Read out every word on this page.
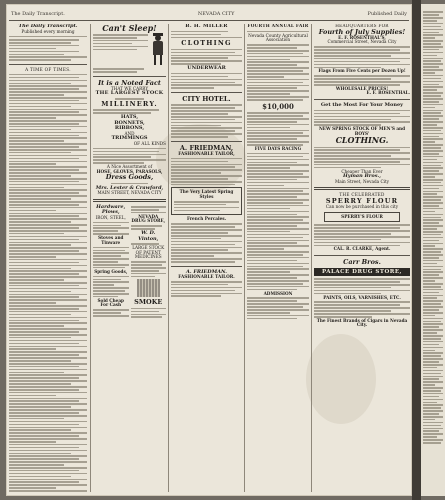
The Daily Transcript.	NEVADA CITY	Published Daily
The Daily Transcript.
Published every morning
A TIME OF TIMES.
Can't Sleep!
It is a Noted Fact
THAT WE CARRY
THE LARGEST STOCK
MILLINERY.
HATS,
BONNETS,
RIBBONS,
AND
TRIMMINGS
OF ALL KINDS
A Nice Assortment of
HOSE, GLOVES, PARASOLS,
Dress Goods,
Mrs. Lester & Crawford,
MAIN STREET, NEVADA CITY
Hardware, Plows,
IRON, STEEL,
Stoves and Tinware
Spring Goods,
Sold Cheap For Cash
NEVADA DRUG STORE,
W. D. Vinton,
LARGE STOCK OF PATENT MEDICINES
SMOKE
B. H. MILLER
CLOTHING
UNDERWEAR
CITY HOTEL.
A. FRIEDMAN,
FASHIONABLE TAILOR,
The Very Latest Spring Styles
French Percales.
A. FRIEDMAN.
FASHIONABLE TAILOR.
FOURTH ANNUAL FAIR
Nevada County Agricultural Association
$10,000
FIVE DAYS RACING
ADMISSION
HEADQUARTERS FOR
Fourth of July Supplies!
E. F. ROSENTHAL'S,
Commercial Street, Nevada City
Flags From Five Cents per Dozen Up!
WHOLESALE PRICES!
E. F. ROSENTHAL.
Get the Most For Your Money
NEW SPRING STOCK OF MEN'S and BOYS'
CLOTHING.
Cheaper Than Ever
Hyman Bros.,
Main Street, Nevada City
THE CELEBRATED
SPERRY FLOUR
Can now be purchased in this city
SPERRY'S FLOUR
CAL. R. CLARKE, Agent.
Carr Bros.
PALACE DRUG STORE,
PAINTS, OILS, VARNISHES, ETC.
The Finest Brands of Cigars in Nevada City.
